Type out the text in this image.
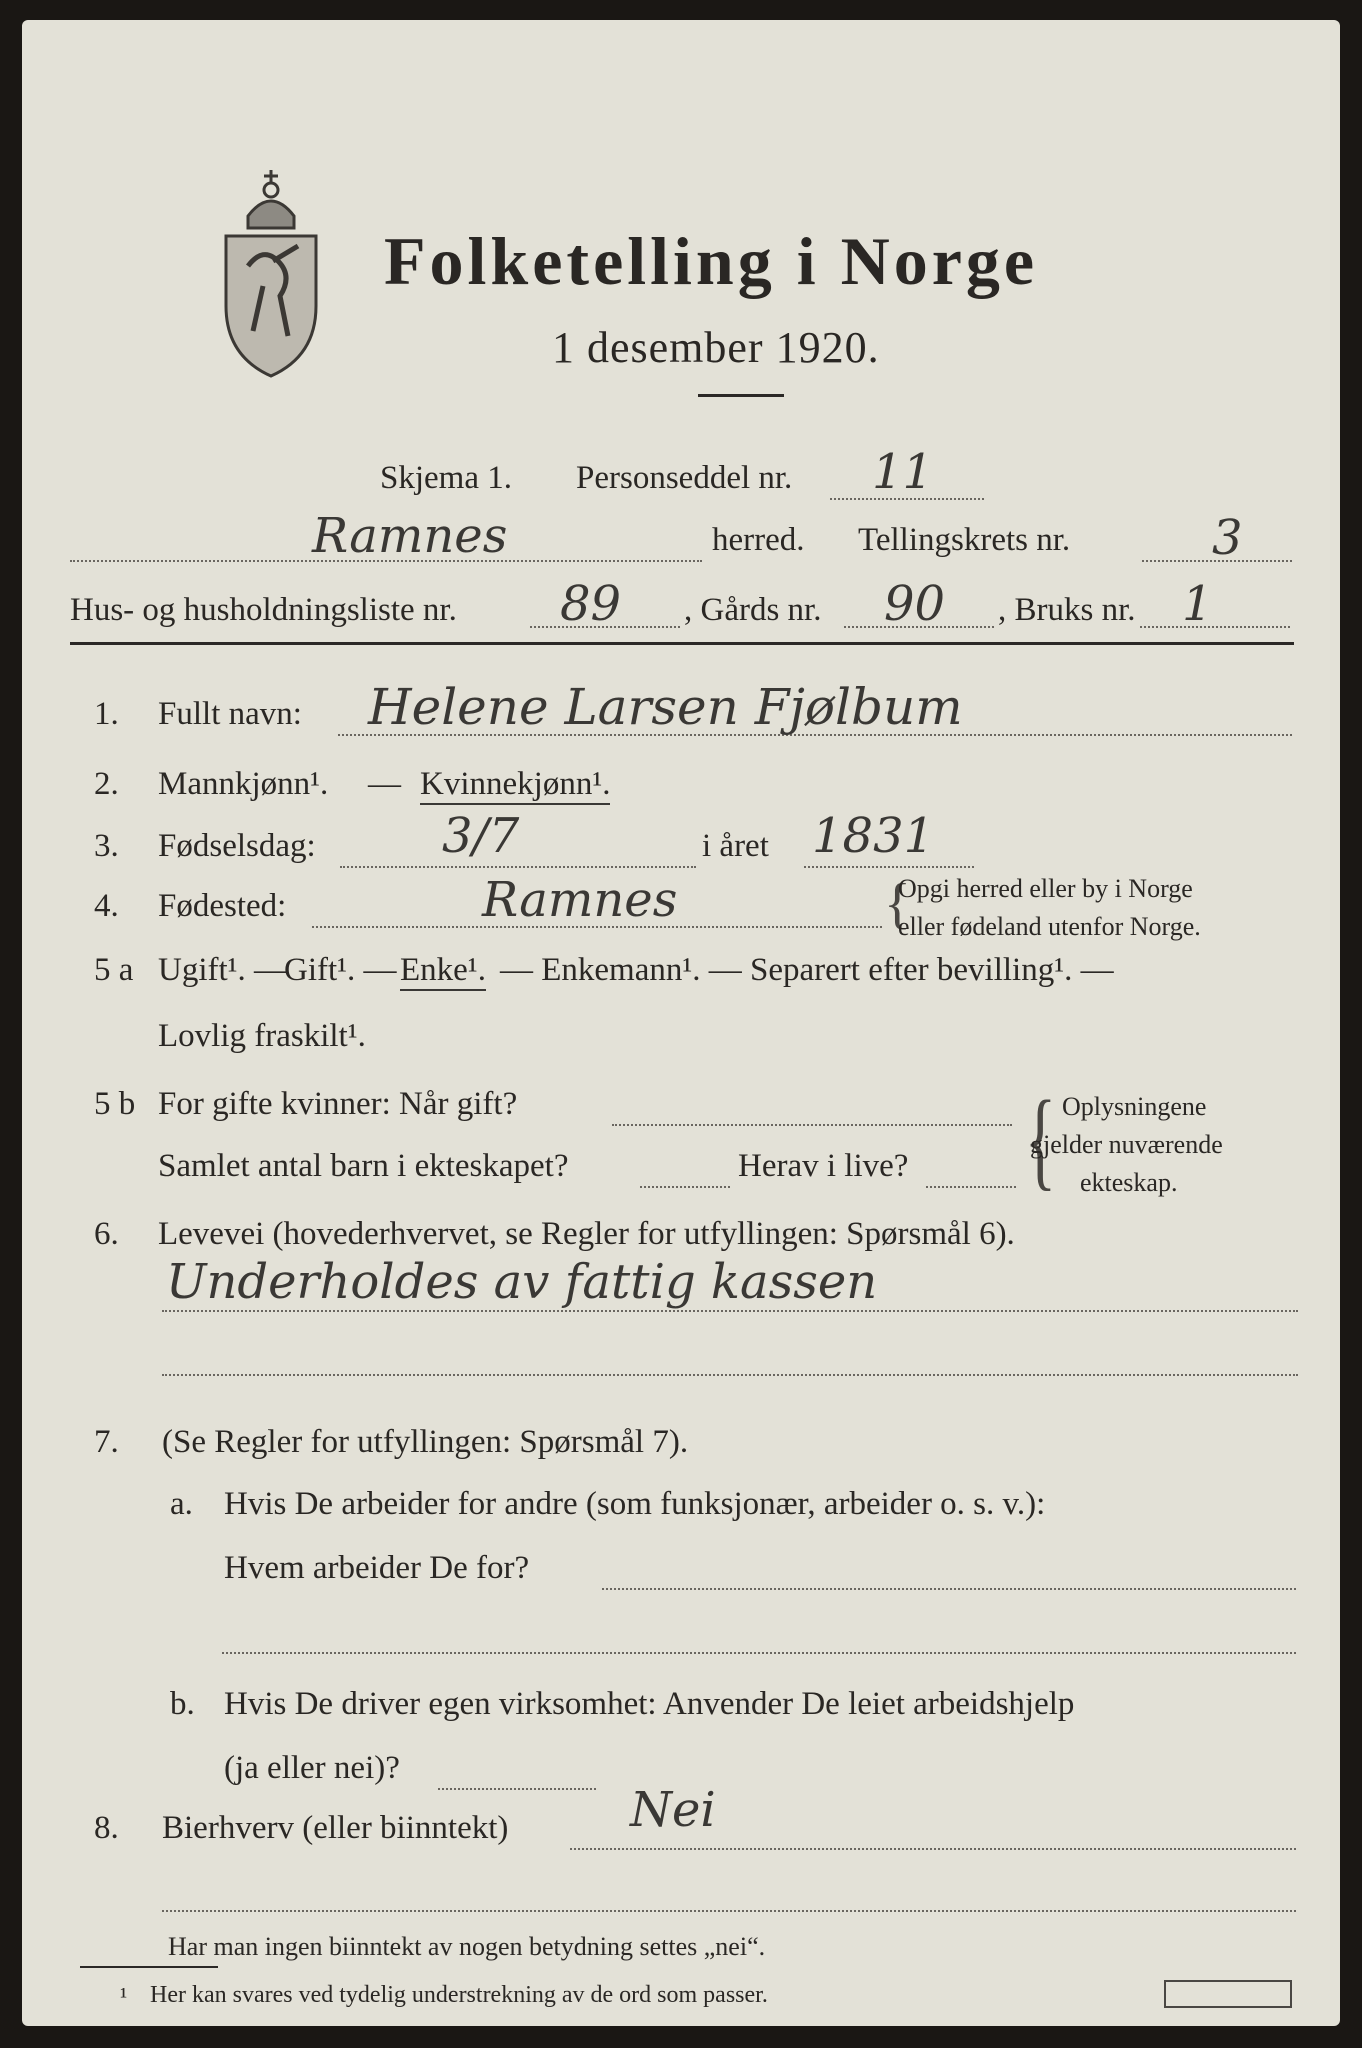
Folketelling i Norge
1 desember 1920.
Skjema 1. Personseddel nr. 11
Ramnes	herred. Tellingskrets nr.	3
Hus- og husholdningsliste nr. 89 , Gårds nr. 90 , Bruks nr. 1
1. Fullt navn: Helene Larsen Fjølbum
2. Mannkjønn¹. — Kvinnekjønn¹.
3. Fødselsdag:	3/7	i året 1831
4. Fødested:	Ramnes	{
Opgi herred eller by i Norge
eller fødeland utenfor Norge.
5 a Ugift¹. —
Gift¹. — Enke¹. — Enkemann¹. — Separert efter bevilling¹. —
Lovlig fraskilt¹.
5 b For gifte kvinner: Når gift?
Samlet antal barn i ekteskapet?	Herav i live? { Oplysningene
gjelder nuværende
ekteskap.
6. Levevei (hovederhvervet, se Regler for utfyllingen: Spørsmål 6).
Underholdes av fattig kassen
7. (Se Regler for utfyllingen: Spørsmål 7).
a. Hvis De arbeider for andre (som funksjonær, arbeider o. s. v.):
Hvem arbeider De for?
b. Hvis De driver egen virksomhet: Anvender De leiet arbeidshjelp
(ja eller nei)?
8. Bierhverv (eller biinntekt)	Nei
Har man ingen biinntekt av nogen betydning settes „nei“.
¹ Her kan svares ved tydelig understrekning av de ord som passer.
